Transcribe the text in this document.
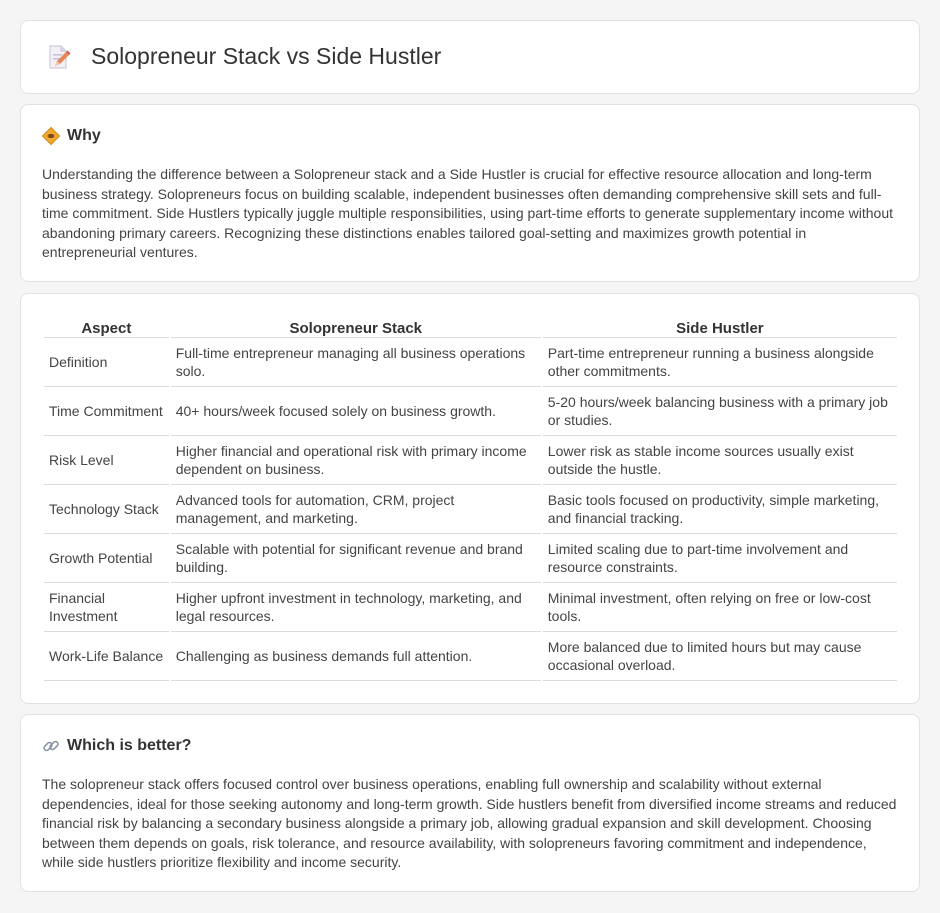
Solopreneur Stack vs Side Hustler
Why

Understanding the difference between a Solopreneur stack and a Side Hustler is crucial for effective resource allocation and long-term business strategy. Solopreneurs focus on building scalable, independent businesses often demanding comprehensive skill sets and full-time commitment. Side Hustlers typically juggle multiple responsibilities, using part-time efforts to generate supplementary income without abandoning primary careers. Recognizing these distinctions enables tailored goal-setting and maximizes growth potential in entrepreneurial ventures.

Aspect	Solopreneur Stack	Side Hustler
Definition	Full-time entrepreneur managing all business operations solo.	Part-time entrepreneur running a business alongside other commitments.
Time Commitment	40+ hours/week focused solely on business growth.	5-20 hours/week balancing business with a primary job or studies.
Risk Level	Higher financial and operational risk with primary income dependent on business.	Lower risk as stable income sources usually exist outside the hustle.
Technology Stack	Advanced tools for automation, CRM, project management, and marketing.	Basic tools focused on productivity, simple marketing, and financial tracking.
Growth Potential	Scalable with potential for significant revenue and brand building.	Limited scaling due to part-time involvement and resource constraints.
Financial Investment	Higher upfront investment in technology, marketing, and legal resources.	Minimal investment, often relying on free or low-cost tools.
Work-Life Balance	Challenging as business demands full attention.	More balanced due to limited hours but may cause occasional overload.
Which is better?

The solopreneur stack offers focused control over business operations, enabling full ownership and scalability without external dependencies, ideal for those seeking autonomy and long-term growth. Side hustlers benefit from diversified income streams and reduced financial risk by balancing a secondary business alongside a primary job, allowing gradual expansion and skill development. Choosing between them depends on goals, risk tolerance, and resource availability, with solopreneurs favoring commitment and independence, while side hustlers prioritize flexibility and income security.
